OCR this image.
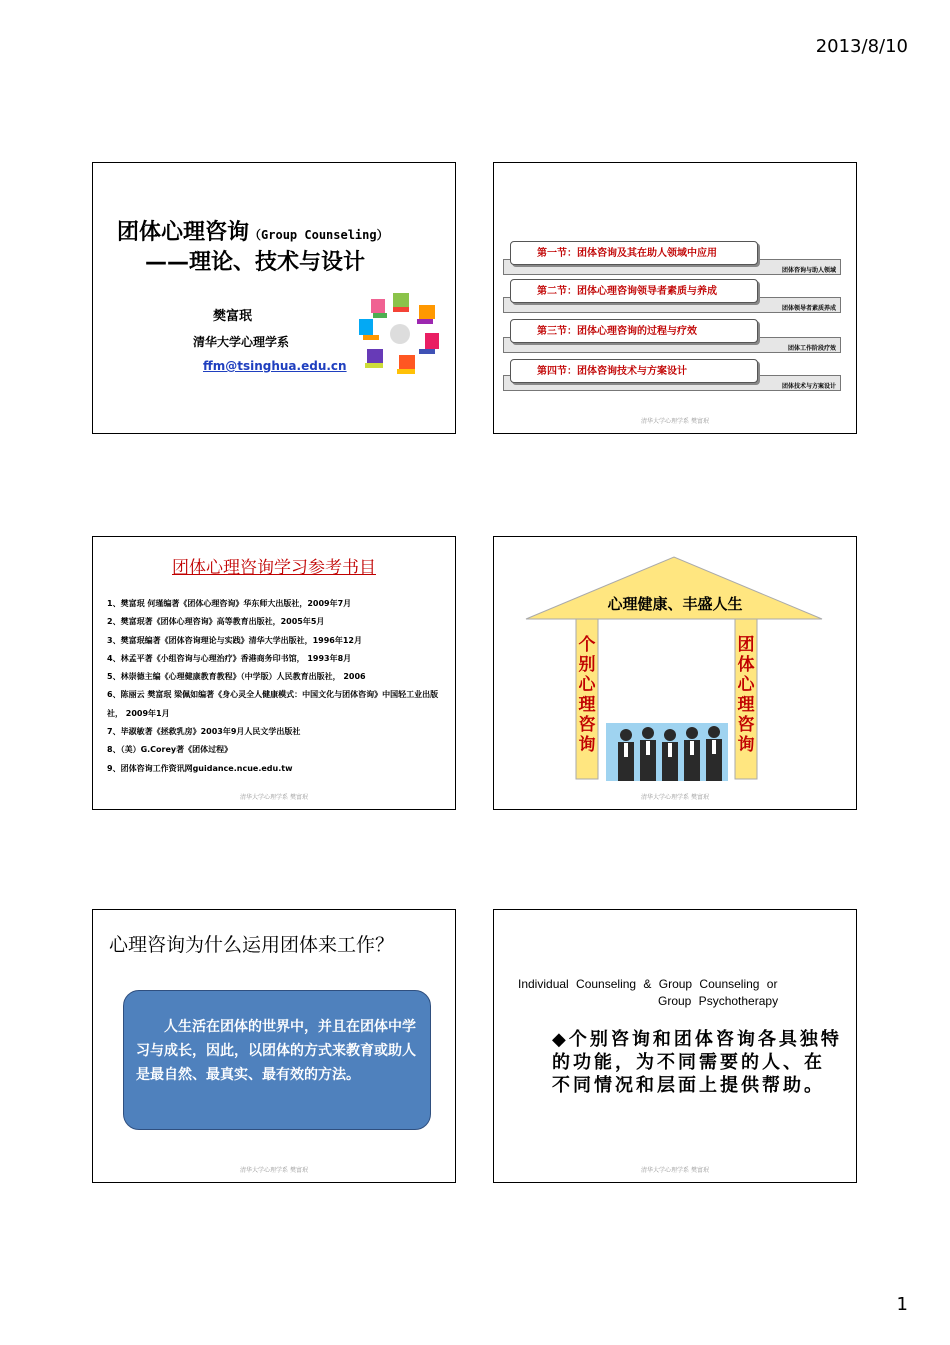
2013/8/10
团体心理咨询（Group Counseling）
——理论、技术与设计
樊富珉
清华大学心理学系
ffm@tsinghua.edu.cn
团体咨询与助人领域
第一节：团体咨询及其在助人领域中应用
团体领导者素质养成
第二节：团体心理咨询领导者素质与养成
团体工作阶段疗效
第三节：团体心理咨询的过程与疗效
团体技术与方案设计
第四节：团体咨询技术与方案设计
清华大学心理学系 樊富珉
团体心理咨询学习参考书目
1、樊富珉 何瑾编著《团体心理咨询》华东师大出版社，2009年7月
2、樊富珉著《团体心理咨询》高等教育出版社，2005年5月
3、樊富珉编著《团体咨询理论与实践》清华大学出版社，1996年12月
4、林孟平著《小组咨询与心理治疗》香港商务印书馆， 1993年8月
5、林崇德主编《心理健康教育教程》（中学版）人民教育出版社， 2006
6、陈丽云 樊富珉 梁佩如编著《身心灵全人健康模式：中国文化与团体咨询》中国轻工业出版社， 2009年1月
7、毕淑敏著《拯救乳房》2003年9月人民文学出版社
8、（美）G.Corey著《团体过程》
9、团体咨询工作资讯网guidance.ncue.edu.tw
清华大学心理学系 樊富珉
心理健康、丰盛人生
个别心理咨询
团体心理咨询
清华大学心理学系 樊富珉
心理咨询为什么运用团体来工作？
人生活在团体的世界中，并且在团体中学习与成长，因此，以团体的方式来教育或助人是最自然、最真实、最有效的方法。
清华大学心理学系 樊富珉
Individual Counseling & Group Counseling or
Group Psychotherapy
◆个别咨询和团体咨询各具独特的功能，为不同需要的人、在不同情况和层面上提供帮助。
清华大学心理学系 樊富珉
1
